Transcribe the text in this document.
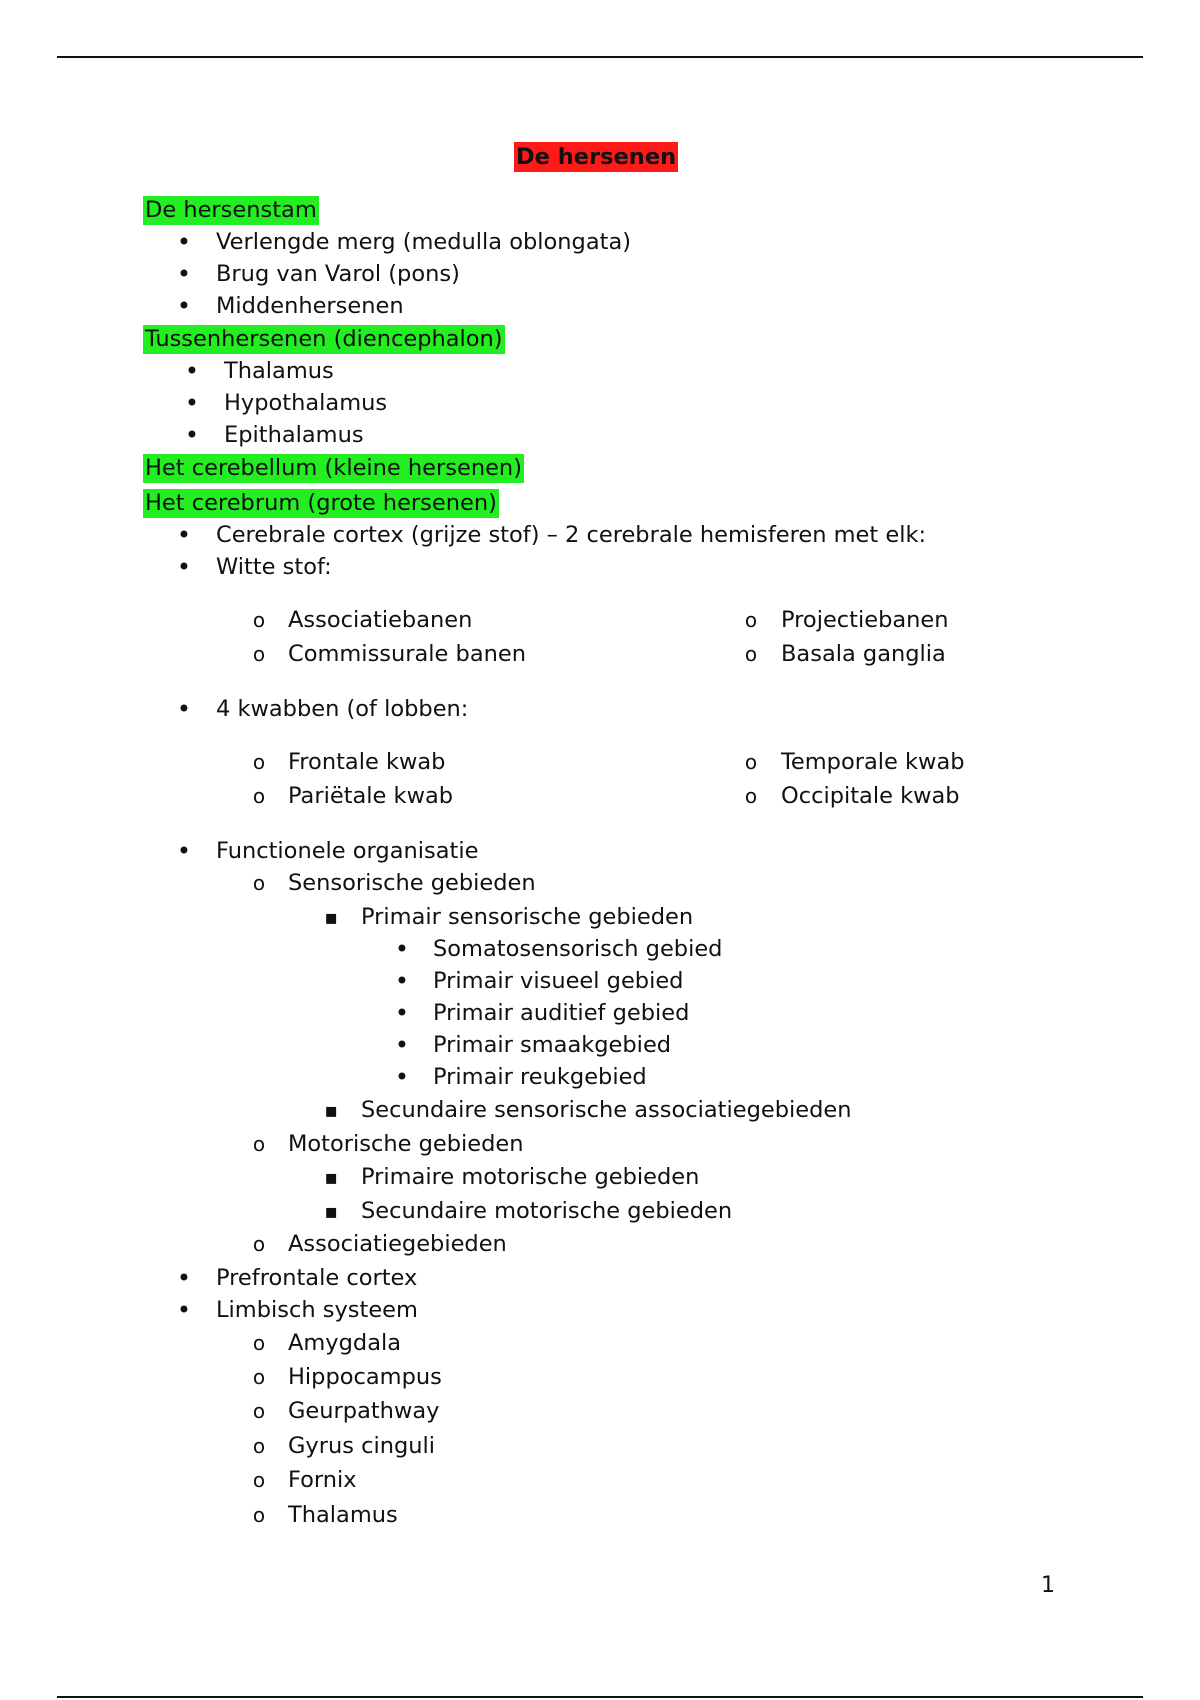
De hersenen
De hersenstam
•
Verlengde merg (medulla oblongata)
•
Brug van Varol (pons)
•
Middenhersenen
Tussenhersenen (diencephalon)
•
Thalamus
•
Hypothalamus
•
Epithalamus
Het cerebellum (kleine hersenen)
Het cerebrum (grote hersenen)
•
Cerebrale cortex (grijze stof) – 2 cerebrale hemisferen met elk:
•
Witte stof:
o
Associatiebanen
o
Commissurale banen
o
Projectiebanen
o
Basala ganglia
•
4 kwabben (of lobben:
o
Frontale kwab
o
Pariëtale kwab
o
Temporale kwab
o
Occipitale kwab
•
Functionele organisatie
o
Sensorische gebieden
▪
Primair sensorische gebieden
•
Somatosensorisch gebied
•
Primair visueel gebied
•
Primair auditief gebied
•
Primair smaakgebied
•
Primair reukgebied
▪
Secundaire sensorische associatiegebieden
o
Motorische gebieden
▪
Primaire motorische gebieden
▪
Secundaire motorische gebieden
o
Associatiegebieden
•
Prefrontale cortex
•
Limbisch systeem
o
Amygdala
o
Hippocampus
o
Geurpathway
o
Gyrus cinguli
o
Fornix
o
Thalamus
1
